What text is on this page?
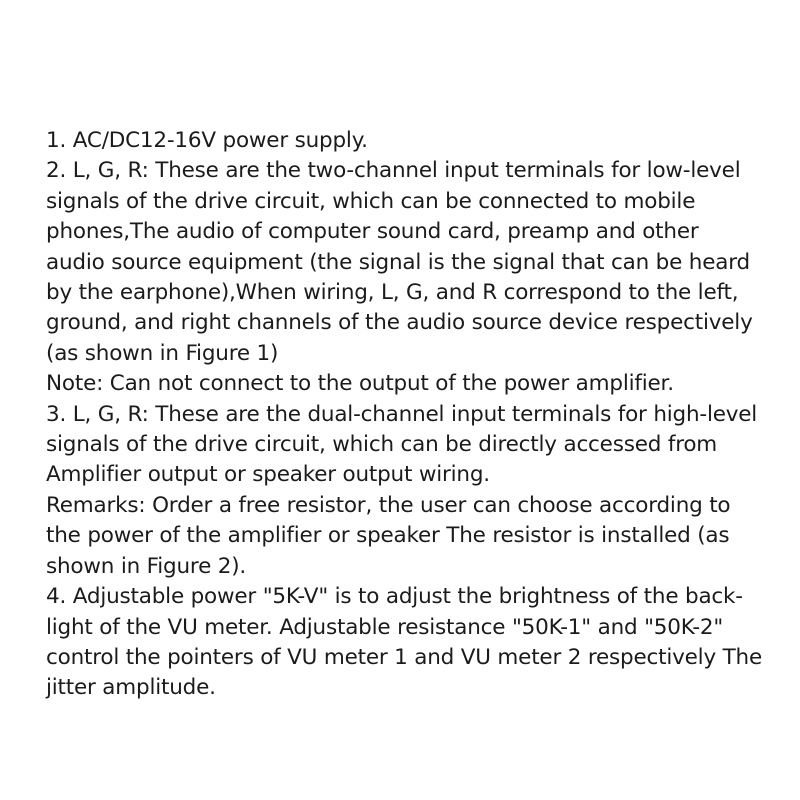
1. AC/DC12-16V power supply.
2. L, G, R: These are the two-channel input terminals for low-level
signals of the drive circuit, which can be connected to mobile
phones,The audio of computer sound card, preamp and other
audio source equipment (the signal is the signal that can be heard
by the earphone),When wiring, L, G, and R correspond to the left,
ground, and right channels of the audio source device respectively
(as shown in Figure 1)
Note: Can not connect to the output of the power amplifier.
3. L, G, R: These are the dual-channel input terminals for high-level
signals of the drive circuit, which can be directly accessed from
Amplifier output or speaker output wiring.
Remarks: Order a free resistor, the user can choose according to
the power of the amplifier or speaker The resistor is installed (as
shown in Figure 2).
4. Adjustable power "5K-V" is to adjust the brightness of the back-
light of the VU meter. Adjustable resistance "50K-1" and "50K-2"
control the pointers of VU meter 1 and VU meter 2 respectively The
jitter amplitude.
